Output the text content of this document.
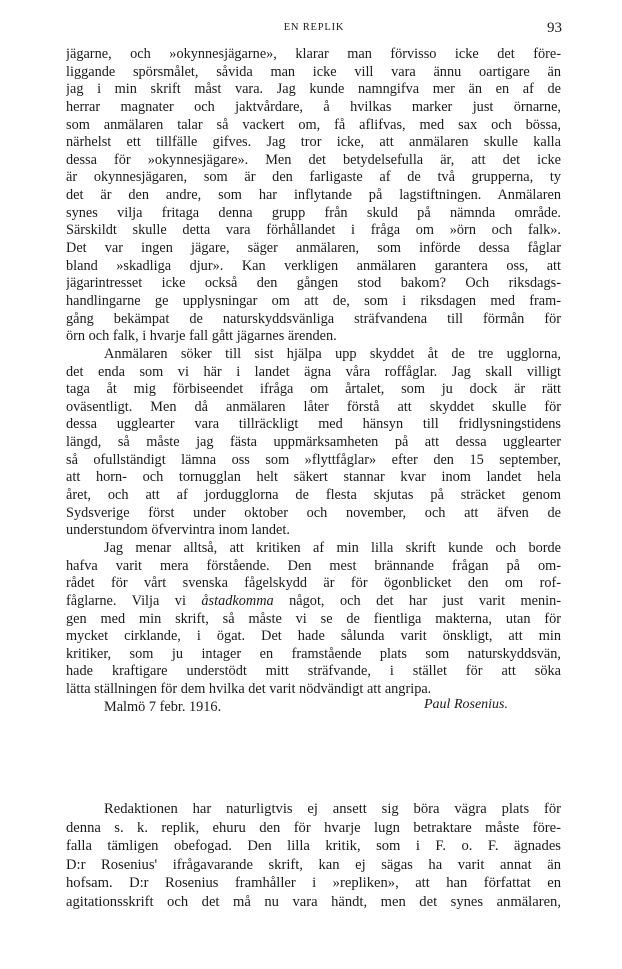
EN REPLIK	93
jägarne, och »okynnesjägarne», klarar man förvisso icke det före-
liggande spörsmålet, såvida man icke vill vara ännu oartigare än
jag i min skrift måst vara. Jag kunde namngifva mer än en af de
herrar magnater och jaktvårdare, å hvilkas marker just örnarne,
som anmälaren talar så vackert om, få aflifvas, med sax och bössa,
närhelst ett tillfälle gifves. Jag tror icke, att anmälaren skulle kalla
dessa för »okynnesjägare». Men det betydelsefulla är, att det icke
är okynnesjägaren, som är den farligaste af de två grupperna, ty
det är den andre, som har inflytande på lagstiftningen. Anmälaren
synes vilja fritaga denna grupp från skuld på nämnda område.
Särskildt skulle detta vara förhållandet i fråga om »örn och falk».
Det var ingen jägare, säger anmälaren, som införde dessa fåglar
bland »skadliga djur». Kan verkligen anmälaren garantera oss, att
jägarintresset icke också den gången stod bakom? Och riksdags-
handlingarne ge upplysningar om att de, som i riksdagen med fram-
gång bekämpat de naturskyddsvänliga sträfvandena till förmån för
örn och falk, i hvarje fall gått jägarnes ärenden.
Anmälaren söker till sist hjälpa upp skyddet åt de tre ugglorna,
det enda som vi här i landet ägna våra roffåglar. Jag skall villigt
taga åt mig förbiseendet ifråga om årtalet, som ju dock är rätt
oväsentligt. Men då anmälaren låter förstå att skyddet skulle för
dessa ugglearter vara tillräckligt med hänsyn till fridlysningstidens
längd, så måste jag fästa uppmärksamheten på att dessa ugglearter
så ofullständigt lämna oss som »flyttfåglar» efter den 15 september,
att horn- och tornugglan helt säkert stannar kvar inom landet hela
året, och att af jordugglorna de flesta skjutas på sträcket genom
Sydsverige först under oktober och november, och att äfven de
understundom öfvervintra inom landet.
Jag menar alltså, att kritiken af min lilla skrift kunde och borde
hafva varit mera förstående. Den mest brännande frågan på om-
rådet för vårt svenska fågelskydd är för ögonblicket den om rof-
fåglarne. Vilja vi åstadkomma något, och det har just varit menin-
gen med min skrift, så måste vi se de fientliga makterna, utan för
mycket cirklande, i ögat. Det hade sålunda varit önskligt, att min
kritiker, som ju intager en framstående plats som naturskyddsvän,
hade kraftigare understödt mitt sträfvande, i stället för att söka
lätta ställningen för dem hvilka det varit nödvändigt att angripa.
Malmö 7 febr. 1916.	Paul Rosenius.
Redaktionen har naturligtvis ej ansett sig böra vägra plats för
denna s. k. replik, ehuru den för hvarje lugn betraktare måste före-
falla tämligen obefogad. Den lilla kritik, som i F. o. F. ägnades
D:r Rosenius' ifrågavarande skrift, kan ej sägas ha varit annat än
hofsam. D:r Rosenius framhåller i »repliken», att han författat en
agitationsskrift och det må nu vara händt, men det synes anmälaren,
